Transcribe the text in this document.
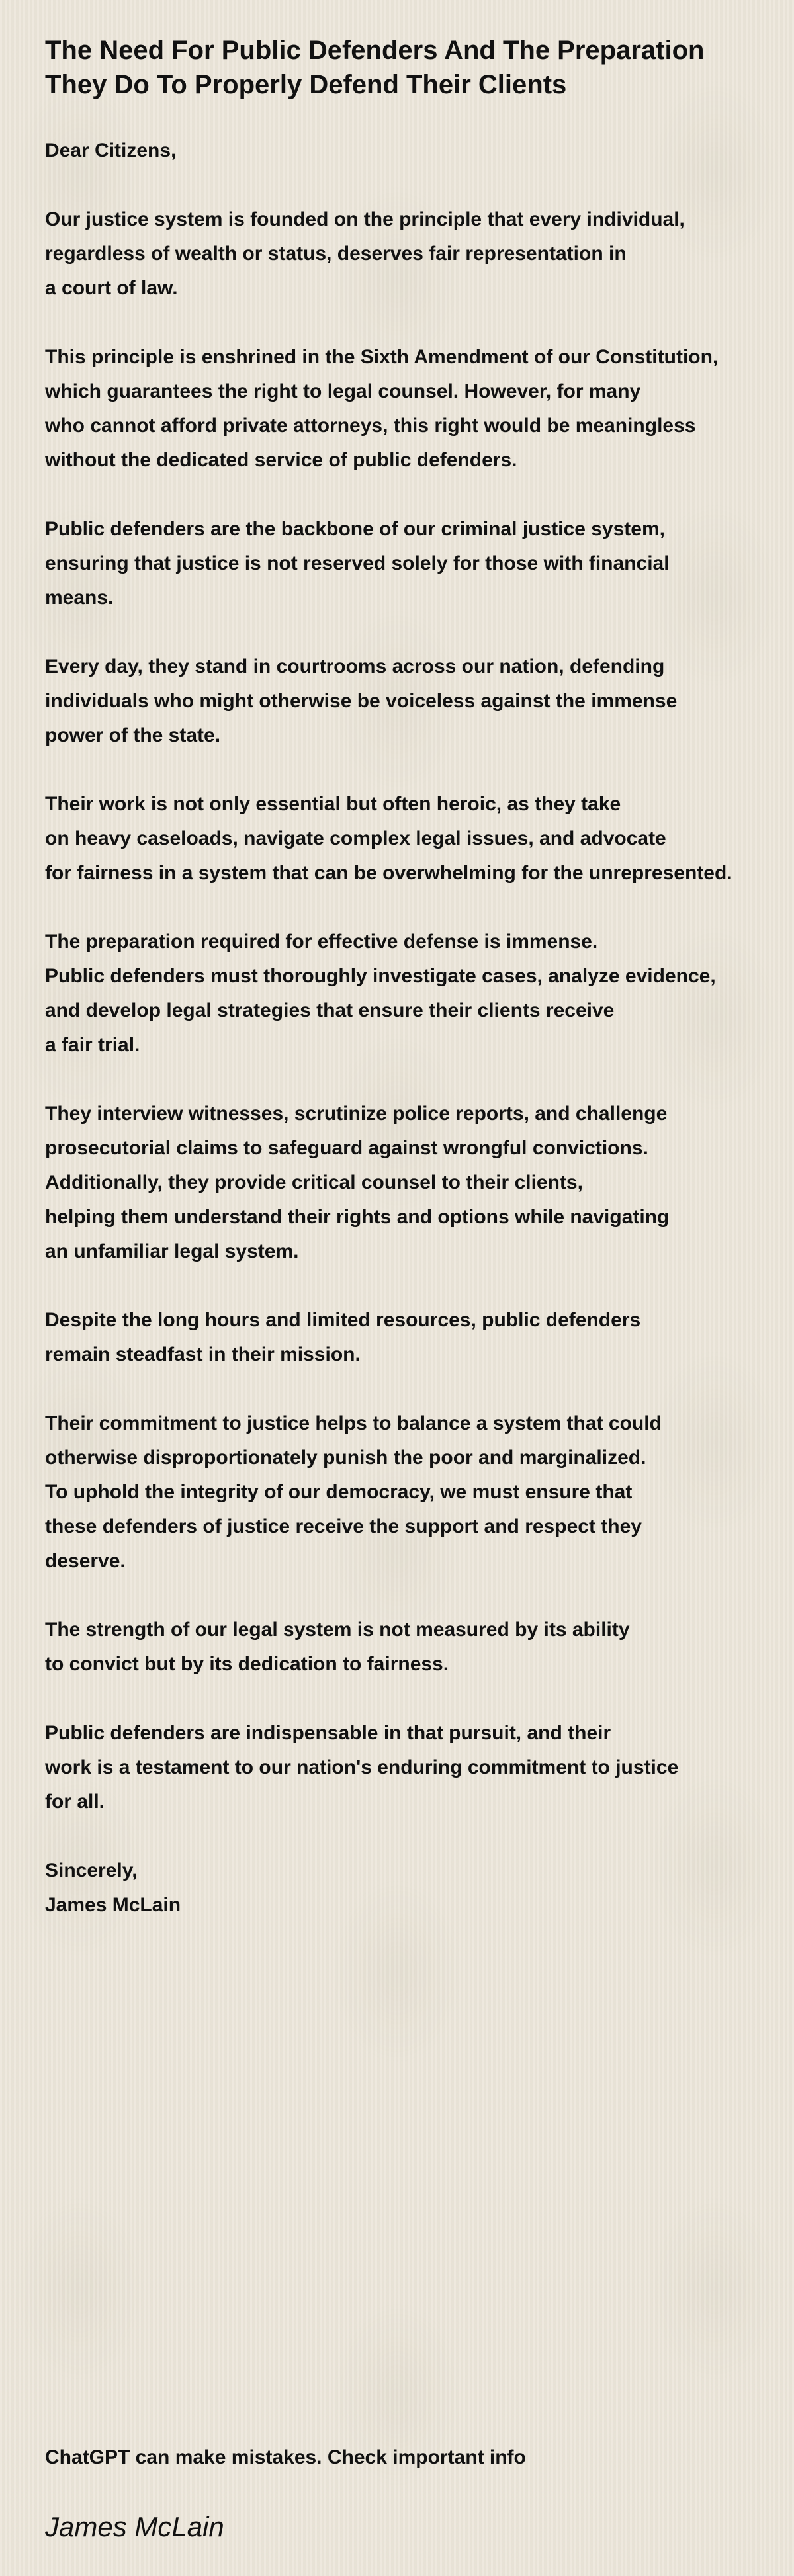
The Need For Public Defenders And The Preparation
They Do To Properly Defend Their Clients

Dear Citizens,

Our justice system is founded on the principle that every individual,
regardless of wealth or status, deserves fair representation in
a court of law.

This principle is enshrined in the Sixth Amendment of our Constitution,
which guarantees the right to legal counsel. However, for many
who cannot afford private attorneys, this right would be meaningless
without the dedicated service of public defenders.

Public defenders are the backbone of our criminal justice system,
ensuring that justice is not reserved solely for those with financial
means.

Every day, they stand in courtrooms across our nation, defending
individuals who might otherwise be voiceless against the immense
power of the state.

Their work is not only essential but often heroic, as they take
on heavy caseloads, navigate complex legal issues, and advocate
for fairness in a system that can be overwhelming for the unrepresented.

The preparation required for effective defense is immense.
Public defenders must thoroughly investigate cases, analyze evidence,
and develop legal strategies that ensure their clients receive
a fair trial.

They interview witnesses, scrutinize police reports, and challenge
prosecutorial claims to safeguard against wrongful convictions.
Additionally, they provide critical counsel to their clients,
helping them understand their rights and options while navigating
an unfamiliar legal system.

Despite the long hours and limited resources, public defenders
remain steadfast in their mission.

Their commitment to justice helps to balance a system that could
otherwise disproportionately punish the poor and marginalized.
To uphold the integrity of our democracy, we must ensure that
these defenders of justice receive the support and respect they
deserve.

The strength of our legal system is not measured by its ability
to convict but by its dedication to fairness.

Public defenders are indispensable in that pursuit, and their
work is a testament to our nation's enduring commitment to justice
for all.

Sincerely,
James McLain

ChatGPT can make mistakes. Check important info
James McLain
